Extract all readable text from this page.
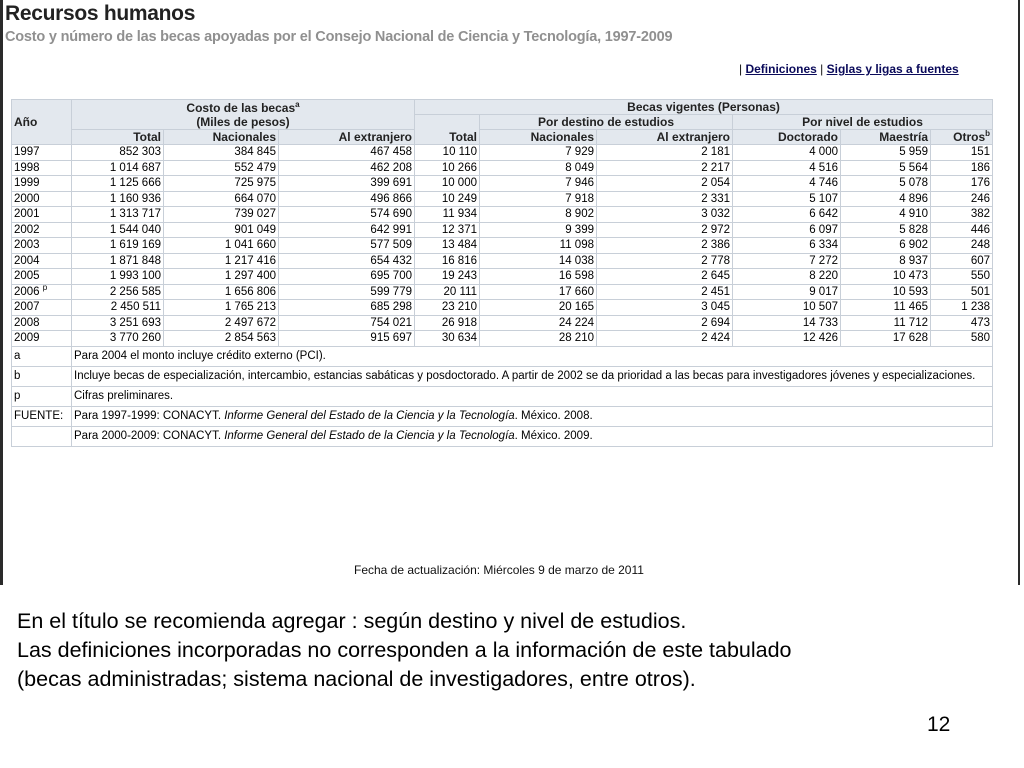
Recursos humanos
Costo y número de las becas apoyadas por el Consejo Nacional de Ciencia y Tecnología, 1997-2009
| Definiciones | Siglas y ligas a fuentes
Año	Costo de las becas$^a$
(Miles de pesos)			Becas vigentes (Personas)					
				Total	Por destino de estudios		Por nivel de estudios		
	Total	Nacionales	Al extranjero		Nacionales	Al extranjero	Doctorado	Maestría	Otros$^b$
1997	852 303	384 845	467 458	10 110	7 929	2 181	4 000	5 959	151
1998	1 014 687	552 479	462 208	10 266	8 049	2 217	4 516	5 564	186
1999	1 125 666	725 975	399 691	10 000	7 946	2 054	4 746	5 078	176
2000	1 160 936	664 070	496 866	10 249	7 918	2 331	5 107	4 896	246
2001	1 313 717	739 027	574 690	11 934	8 902	3 032	6 642	4 910	382
2002	1 544 040	901 049	642 991	12 371	9 399	2 972	6 097	5 828	446
2003	1 619 169	1 041 660	577 509	13 484	11 098	2 386	6 334	6 902	248
2004	1 871 848	1 217 416	654 432	16 816	14 038	2 778	7 272	8 937	607
2005	1 993 100	1 297 400	695 700	19 243	16 598	2 645	8 220	10 473	550
2006 $^p$	2 256 585	1 656 806	599 779	20 111	17 660	2 451	9 017	10 593	501
2007	2 450 511	1 765 213	685 298	23 210	20 165	3 045	10 507	11 465	1 238
2008	3 251 693	2 497 672	754 021	26 918	24 224	2 694	14 733	11 712	473
2009	3 770 260	2 854 563	915 697	30 634	28 210	2 424	12 426	17 628	580
a	Para 2004 el monto incluye crédito externo (PCI).								
b	Incluye becas de especialización, intercambio, estancias sabáticas y posdoctorado. A partir de 2002 se da prioridad a las becas para investigadores jóvenes y especializaciones.								
p	Cifras preliminares.								
FUENTE:	Para 1997-1999: CONACYT. Informe General del Estado de la Ciencia y la Tecnología. México. 2008.								
	Para 2000-2009: CONACYT. Informe General del Estado de la Ciencia y la Tecnología. México. 2009.								
Fecha de actualización: Miércoles 9 de marzo de 2011

En el título se recomienda agregar : según destino y nivel de estudios.

Las definiciones incorporadas no corresponden a la información de este tabulado

(becas administradas; sistema nacional de investigadores, entre otros).

12
